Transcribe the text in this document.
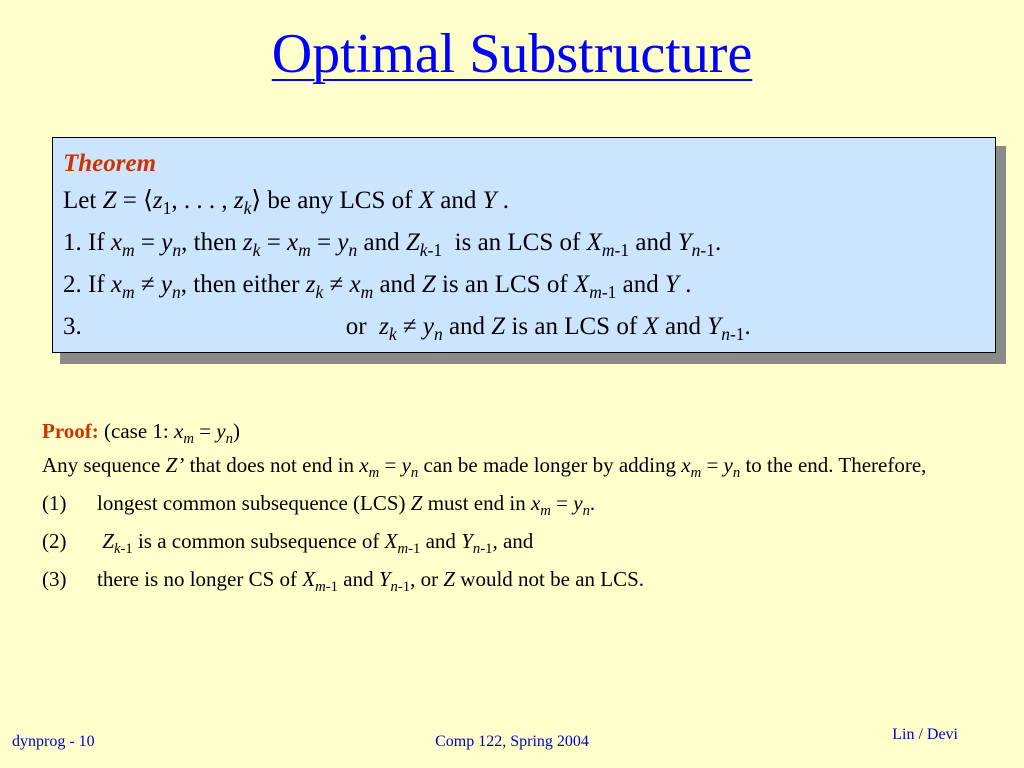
Optimal Substructure
Theorem
Let $Z = ⟨z_1$, . . . , $z_k⟩$ be any LCS of X and Y .
1. If $x_m = y_n$, then $z_k = x_m = y_n$ and $Z_{k-1}$ is an LCS of $X_{m-1}$ and $Y_{n-1}$.
2. If $x_m \ne y_n$, then either $z_k \ne x_m$ and Z is an LCS of $X_{m-1}$ and Y .
3.	or $z_k \ne y_n$ and Z is an LCS of X and $Y_{n-1}$.

Proof: (case 1: $x_m = y_n$)

Any sequence Z’ that does not end in $x_m = y_n$ can be made longer by adding $x_m = y_n$ to the end. Therefore,

(1)	longest common subsequence (LCS) Z must end in $x_m = y_n$.
(2)	$Z_{k-1}$ is a common subsequence of $X_{m-1}$ and $Y_{n-1}$, and
(3)	there is no longer CS of $X_{m-1}$ and $Y_{n-1}$, or Z would not be an LCS.
dynprog - 10	Comp 122, Spring 2004	Lin / Devi
